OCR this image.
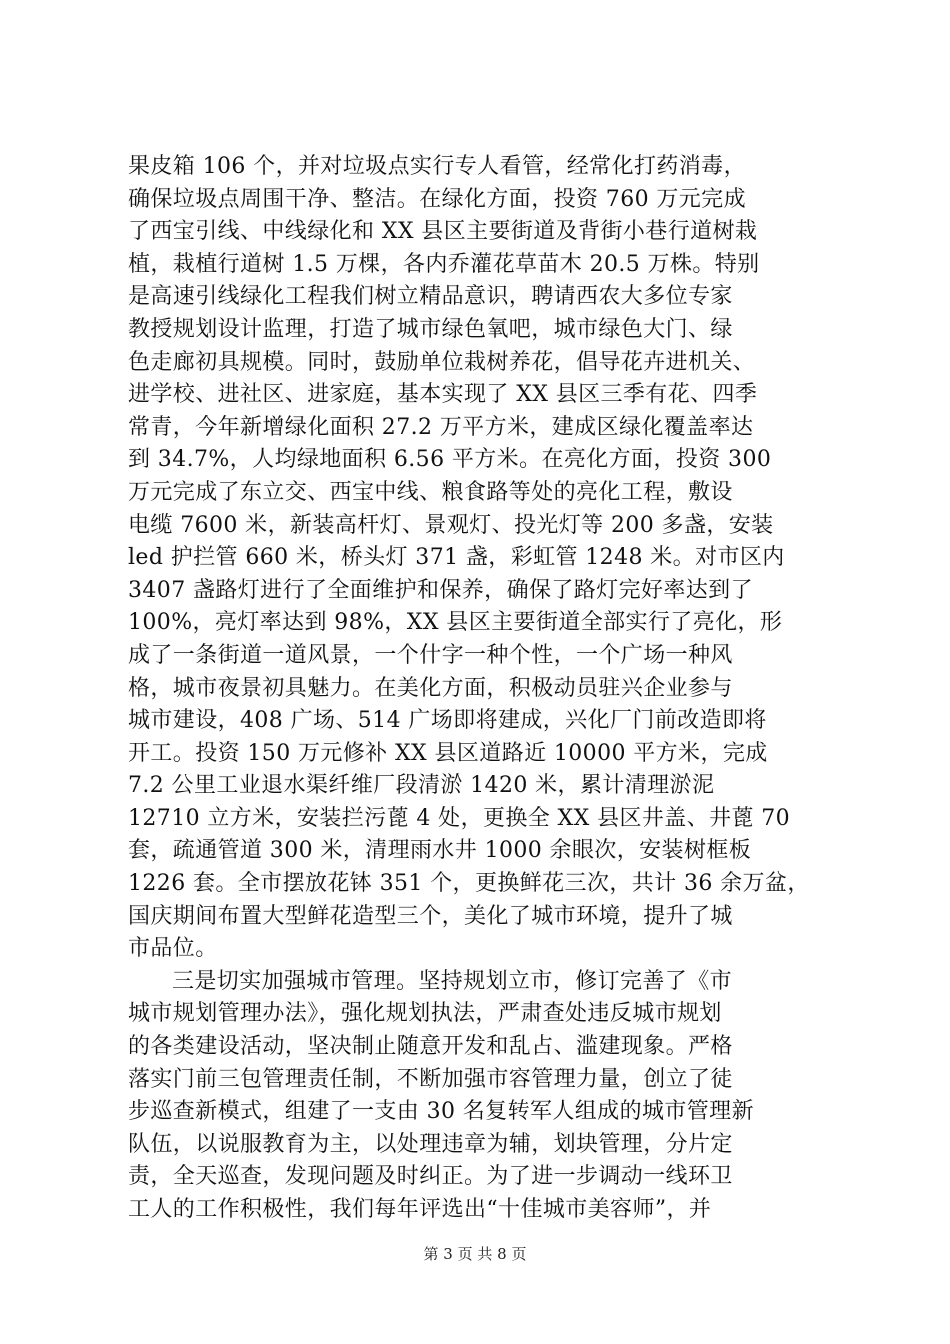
果皮箱 106 个，并对垃圾点实行专人看管，经常化打药消毒，
确保垃圾点周围干净、整洁。在绿化方面，投资 760 万元完成
了西宝引线、中线绿化和 XX 县区主要街道及背街小巷行道树栽
植，栽植行道树 1.5 万棵，各内乔灌花草苗木 20.5 万株。特别
是高速引线绿化工程我们树立精品意识，聘请西农大多位专家
教授规划设计监理，打造了城市绿色氧吧，城市绿色大门、绿
色走廊初具规模。同时，鼓励单位栽树养花，倡导花卉进机关、
进学校、进社区、进家庭，基本实现了 XX 县区三季有花、四季
常青，今年新增绿化面积 27.2 万平方米，建成区绿化覆盖率达
到 34.7%，人均绿地面积 6.56 平方米。在亮化方面，投资 300
万元完成了东立交、西宝中线、粮食路等处的亮化工程，敷设
电缆 7600 米，新装高杆灯、景观灯、投光灯等 200 多盏，安装
led 护拦管 660 米，桥头灯 371 盏，彩虹管 1248 米。对市区内
3407 盏路灯进行了全面维护和保养，确保了路灯完好率达到了
100%，亮灯率达到 98%，XX 县区主要街道全部实行了亮化，形
成了一条街道一道风景，一个什字一种个性，一个广场一种风
格，城市夜景初具魅力。在美化方面，积极动员驻兴企业参与
城市建设，408 广场、514 广场即将建成，兴化厂门前改造即将
开工。投资 150 万元修补 XX 县区道路近 10000 平方米，完成
7.2 公里工业退水渠纤维厂段清淤 1420 米，累计清理淤泥
12710 立方米，安装拦污蓖 4 处，更换全 XX 县区井盖、井蓖 70
套，疏通管道 300 米，清理雨水井 1000 余眼次，安装树框板
1226 套。全市摆放花钵 351 个，更换鲜花三次，共计 36 余万盆，
国庆期间布置大型鲜花造型三个，美化了城市环境，提升了城
市品位。
三是切实加强城市管理。坚持规划立市，修订完善了《市
城市规划管理办法》，强化规划执法，严肃查处违反城市规划
的各类建设活动，坚决制止随意开发和乱占、滥建现象。严格
落实门前三包管理责任制，不断加强市容管理力量，创立了徒
步巡查新模式，组建了一支由 30 名复转军人组成的城市管理新
队伍，以说服教育为主，以处理违章为辅，划块管理，分片定
责，全天巡查，发现问题及时纠正。为了进一步调动一线环卫
工人的工作积极性，我们每年评选出“十佳城市美容师”，并
第 3 页 共 8 页
